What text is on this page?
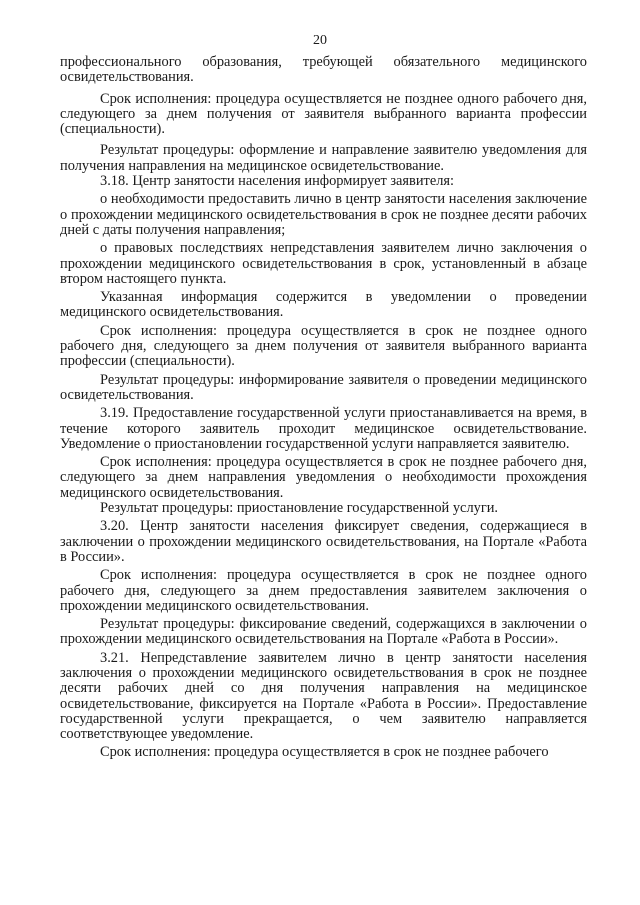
20

профессионального образования, требующей обязательного медицинского освидетельствования.

Срок исполнения: процедура осуществляется не позднее одного рабочего дня, следующего за днем получения от заявителя выбранного варианта профессии (специальности).

Результат процедуры: оформление и направление заявителю уведомления для получения направления на медицинское освидетельствование.

3.18. Центр занятости населения информирует заявителя:

о необходимости предоставить лично в центр занятости населения заключение о прохождении медицинского освидетельствования в срок не позднее десяти рабочих дней с даты получения направления;

о правовых последствиях непредставления заявителем лично заключения о прохождении медицинского освидетельствования в срок, установленный в абзаце втором настоящего пункта.

Указанная информация содержится в уведомлении о проведении медицинского освидетельствования.

Срок исполнения: процедура осуществляется в срок не позднее одного рабочего дня, следующего за днем получения от заявителя выбранного варианта профессии (специальности).

Результат процедуры: информирование заявителя о проведении медицинского освидетельствования.

3.19. Предоставление государственной услуги приостанавливается на время, в течение которого заявитель проходит медицинское освидетельствование. Уведомление о приостановлении государственной услуги направляется заявителю.

Срок исполнения: процедура осуществляется в срок не позднее рабочего дня, следующего за днем направления уведомления о необходимости прохождения медицинского освидетельствования.

Результат процедуры: приостановление государственной услуги.

3.20. Центр занятости населения фиксирует сведения, содержащиеся в заключении о прохождении медицинского освидетельствования, на Портале «Работа в России».

Срок исполнения: процедура осуществляется в срок не позднее одного рабочего дня, следующего за днем предоставления заявителем заключения о прохождении медицинского освидетельствования.

Результат процедуры: фиксирование сведений, содержащихся в заключении о прохождении медицинского освидетельствования на Портале «Работа в России».

3.21. Непредставление заявителем лично в центр занятости населения заключения о прохождении медицинского освидетельствования в срок не позднее десяти рабочих дней со дня получения направления на медицинское освидетельствование, фиксируется на Портале «Работа в России». Предоставление государственной услуги прекращается, о чем заявителю направляется соответствующее уведомление.

Срок исполнения: процедура осуществляется в срок не позднее рабочего
